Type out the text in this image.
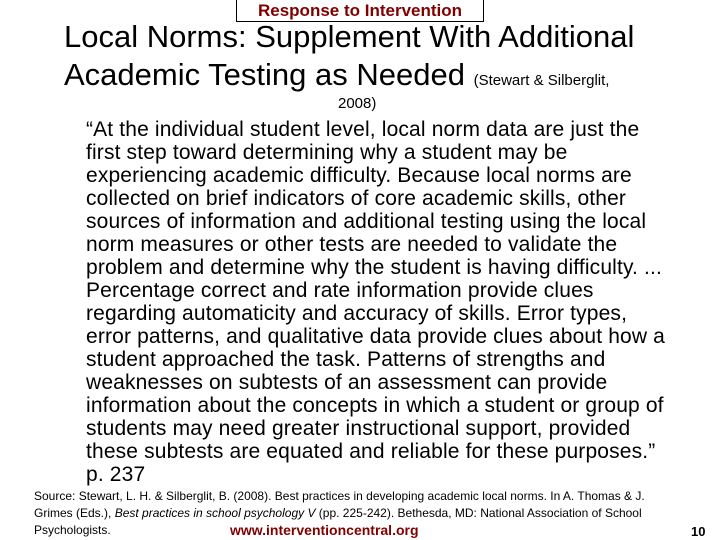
Response to Intervention
Local Norms: Supplement With Additional
Academic Testing as Needed (Stewart & Silberglit,
2008)
“At the individual student level, local norm data are just the first step toward determining why a student may be experiencing academic difficulty. Because local norms are collected on brief indicators of core academic skills, other sources of information and additional testing using the local norm measures or other tests are needed to validate the problem and determine why the student is having difficulty. ... Percentage correct and rate information provide clues regarding automaticity and accuracy of skills. Error types, error patterns, and qualitative data provide clues about how a student approached the task. Patterns of strengths and weaknesses on subtests of an assessment can provide information about the concepts in which a student or group of students may need greater instructional support, provided these subtests are equated and reliable for these purposes.” p. 237
Source: Stewart, L. H. & Silberglit, B. (2008). Best practices in developing academic local norms. In A. Thomas & J. Grimes (Eds.), Best practices in school psychology V (pp. 225-242). Bethesda, MD: National Association of School Psychologists.	www.interventioncentral.org	10
